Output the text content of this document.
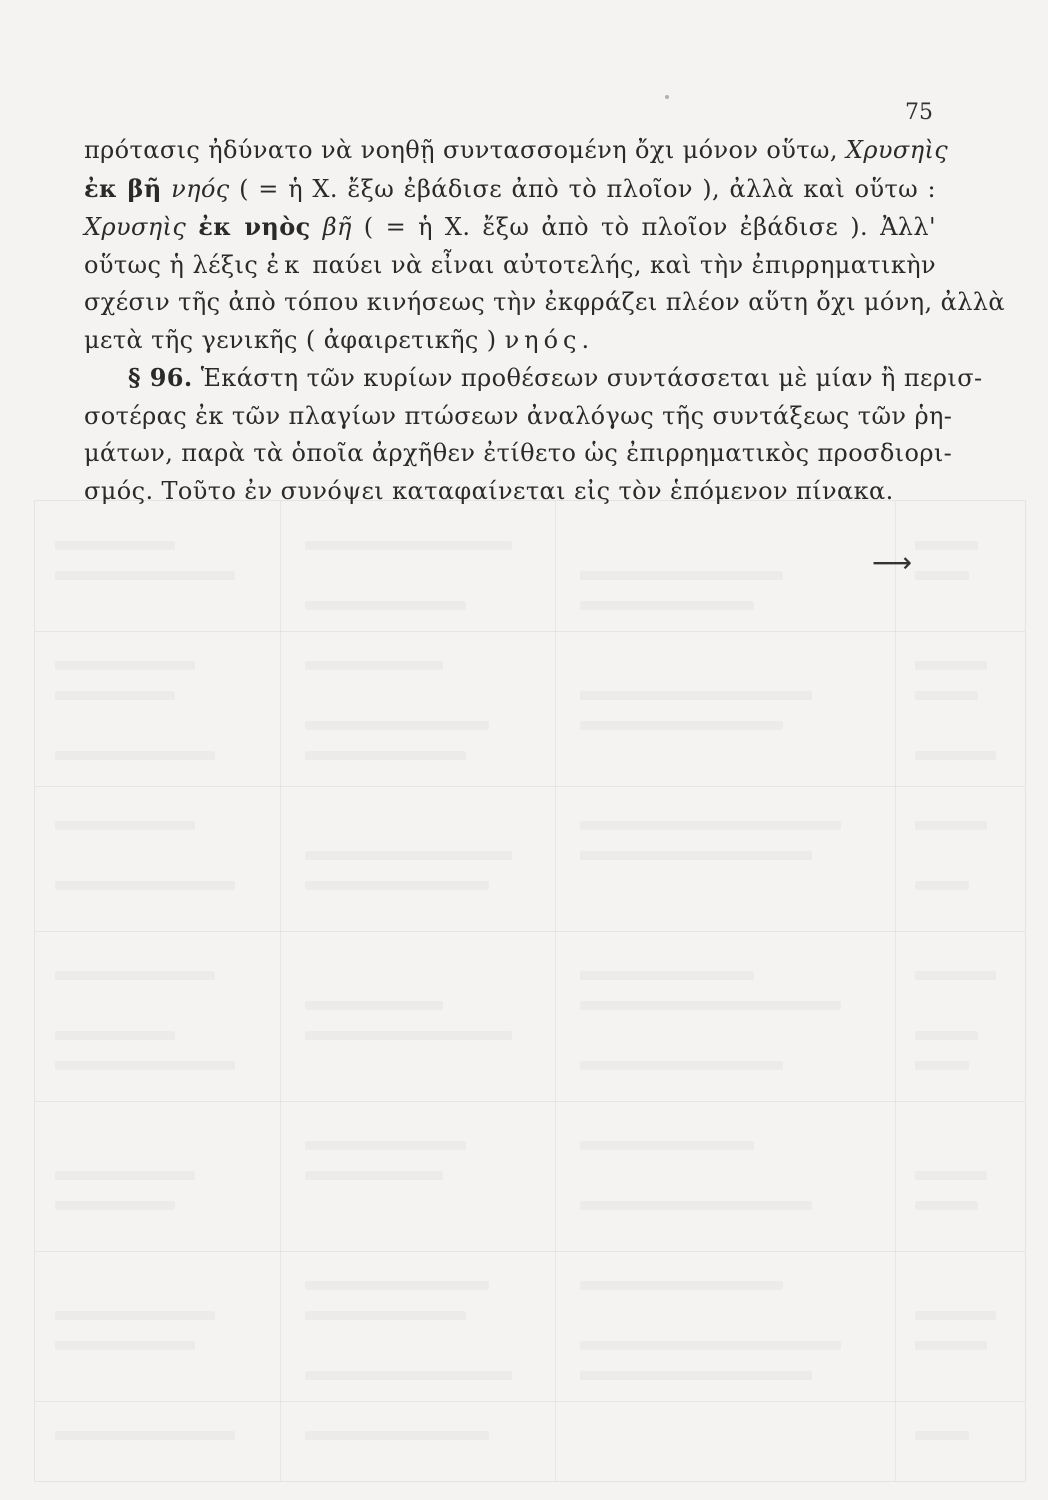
75
πρότασις ἠδύνατο νὰ νοηθῇ συντασσομένη ὄχι μόνον οὕτω, Χρυσηὶς
ἐκ βῆ νηός ( = ἡ Χ. ἔξω ἐβάδισε ἀπὸ τὸ πλοῖον ), ἀλλὰ καὶ οὕτω :
Χρυσηὶς ἐκ νηὸς βῆ ( = ἡ Χ. ἔξω ἀπὸ τὸ πλοῖον ἐβάδισε ). Ἀλλ'
οὕτως ἡ λέξις ἐκ παύει νὰ εἶναι αὐτοτελής, καὶ τὴν ἐπιρρηματικὴν
σχέσιν τῆς ἀπὸ τόπου κινήσεως τὴν ἐκφράζει πλέον αὕτη ὄχι μόνη, ἀλλὰ
μετὰ τῆς γενικῆς ( ἀφαιρετικῆς ) νηός.
§ 96. Ἑκάστη τῶν κυρίων προθέσεων συντάσσεται μὲ μίαν ἢ περισ-
σοτέρας ἐκ τῶν πλαγίων πτώσεων ἀναλόγως τῆς συντάξεως τῶν ῥη-
μάτων, παρὰ τὰ ὁποῖα ἀρχῆθεν ἐτίθετο ὡς ἐπιρρηματικὸς προσδιορι-
σμός. Τοῦτο ἐν συνόψει καταφαίνεται εἰς τὸν ἑπόμενον πίνακα.
⟶
